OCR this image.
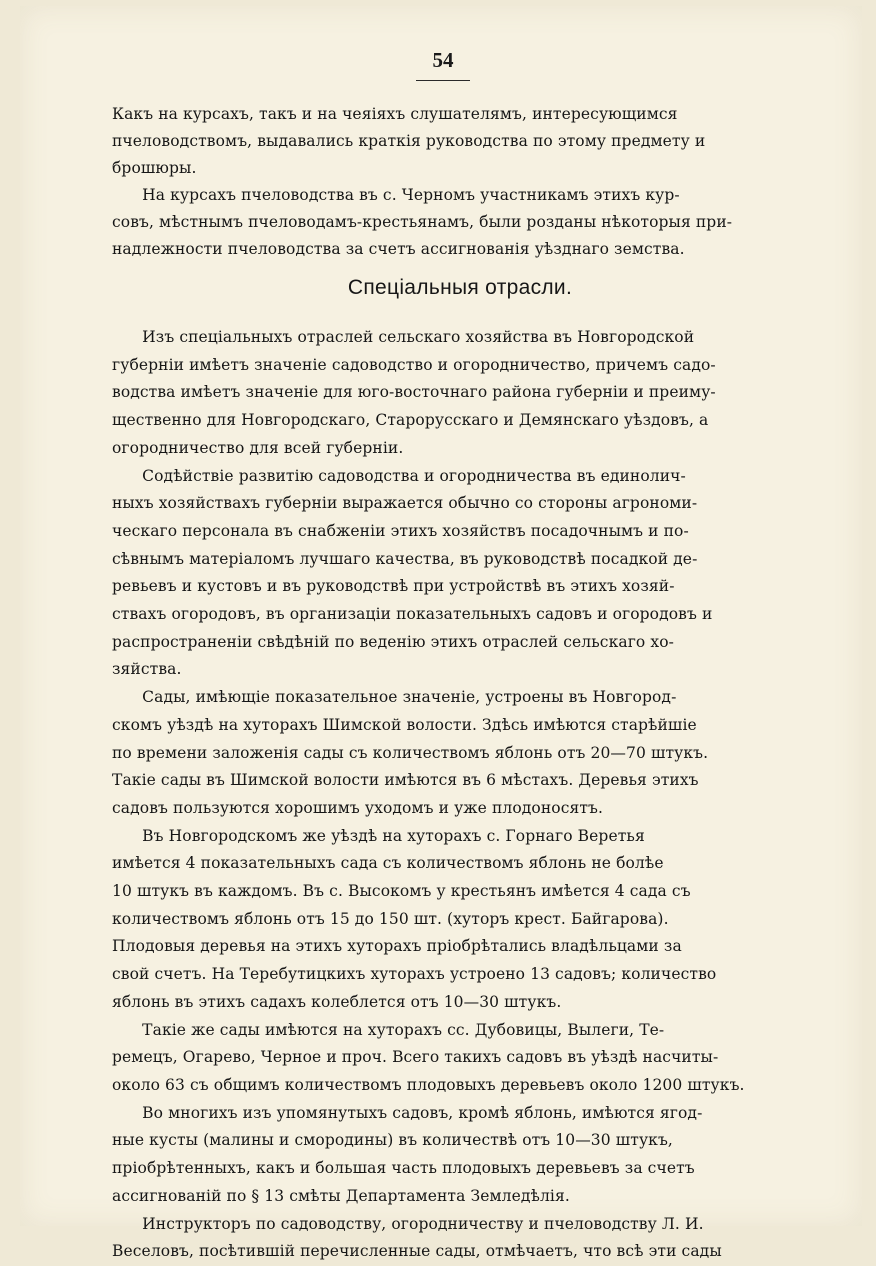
54

Какъ на курсахъ, такъ и на чеяіяхъ слушателямъ, интересующимся

пчеловодствомъ, выдавались краткія руководства по этому предмету и

брошюры.

На курсахъ пчеловодства въ с. Черномъ участникамъ этихъ кур-

совъ, мѣстнымъ пчеловодамъ-крестьянамъ, были розданы нѣкоторыя при-

надлежности пчеловодства за счетъ ассигнованія уѣзднаго земства.

Спеціальныя отрасли.

Изъ спеціальныхъ отраслей сельскаго хозяйства въ Новгородской

губерніи имѣетъ значеніе садоводство и огородничество, причемъ садо-

водства имѣетъ значеніе для юго-восточнаго района губерніи и преиму-

щественно для Новгородскаго, Старорусскаго и Демянскаго уѣздовъ, а

огородничество для всей губерніи.

Содѣйствіе развитію садоводства и огородничества въ единолич-

ныхъ хозяйствахъ губерніи выражается обычно со стороны агрономи-

ческаго персонала въ снабженіи этихъ хозяйствъ посадочнымъ и по-

сѣвнымъ матеріаломъ лучшаго качества, въ руководствѣ посадкой де-

ревьевъ и кустовъ и въ руководствѣ при устройствѣ въ этихъ хозяй-

ствахъ огородовъ, въ организаціи показательныхъ садовъ и огородовъ и

распространеніи свѣдѣній по веденію этихъ отраслей сельскаго хо-

зяйства.

Сады, имѣющіе показательное значеніе, устроены въ Новгород-

скомъ уѣздѣ на хуторахъ Шимской волости. Здѣсь имѣются старѣйшіе

по времени заложенія сады съ количествомъ яблонь отъ 20—70 штукъ.

Такіе сады въ Шимской волости имѣются въ 6 мѣстахъ. Деревья этихъ

садовъ пользуются хорошимъ уходомъ и уже плодоносятъ.

Въ Новгородскомъ же уѣздѣ на хуторахъ с. Горнаго Веретья

имѣется 4 показательныхъ сада съ количествомъ яблонь не болѣе

10 штукъ въ каждомъ. Въ с. Высокомъ у крестьянъ имѣется 4 сада съ

количествомъ яблонь отъ 15 до 150 шт. (хуторъ крест. Байгарова).

Плодовыя деревья на этихъ хуторахъ пріобрѣтались владѣльцами за

свой счетъ. На Теребутицкихъ хуторахъ устроено 13 садовъ; количество

яблонь въ этихъ садахъ колеблется отъ 10—30 штукъ.

Такіе же сады имѣются на хуторахъ сс. Дубовицы, Вылеги, Те-

ремецъ, Огарево, Черное и проч. Всего такихъ садовъ въ уѣздѣ насчиты-

около 63 съ общимъ количествомъ плодовыхъ деревьевъ около 1200 штукъ.

Во многихъ изъ упомянутыхъ садовъ, кромѣ яблонь, имѣются ягод-

ные кусты (малины и смородины) въ количествѣ отъ 10—30 штукъ,

пріобрѣтенныхъ, какъ и большая часть плодовыхъ деревьевъ за счетъ

ассигнованій по § 13 смѣты Департамента Земледѣлія.

Инструкторъ по садоводству, огородничеству и пчеловодству Л. И.

Веселовъ, посѣтившій перечисленные сады, отмѣчаетъ, что всѣ эти сады
